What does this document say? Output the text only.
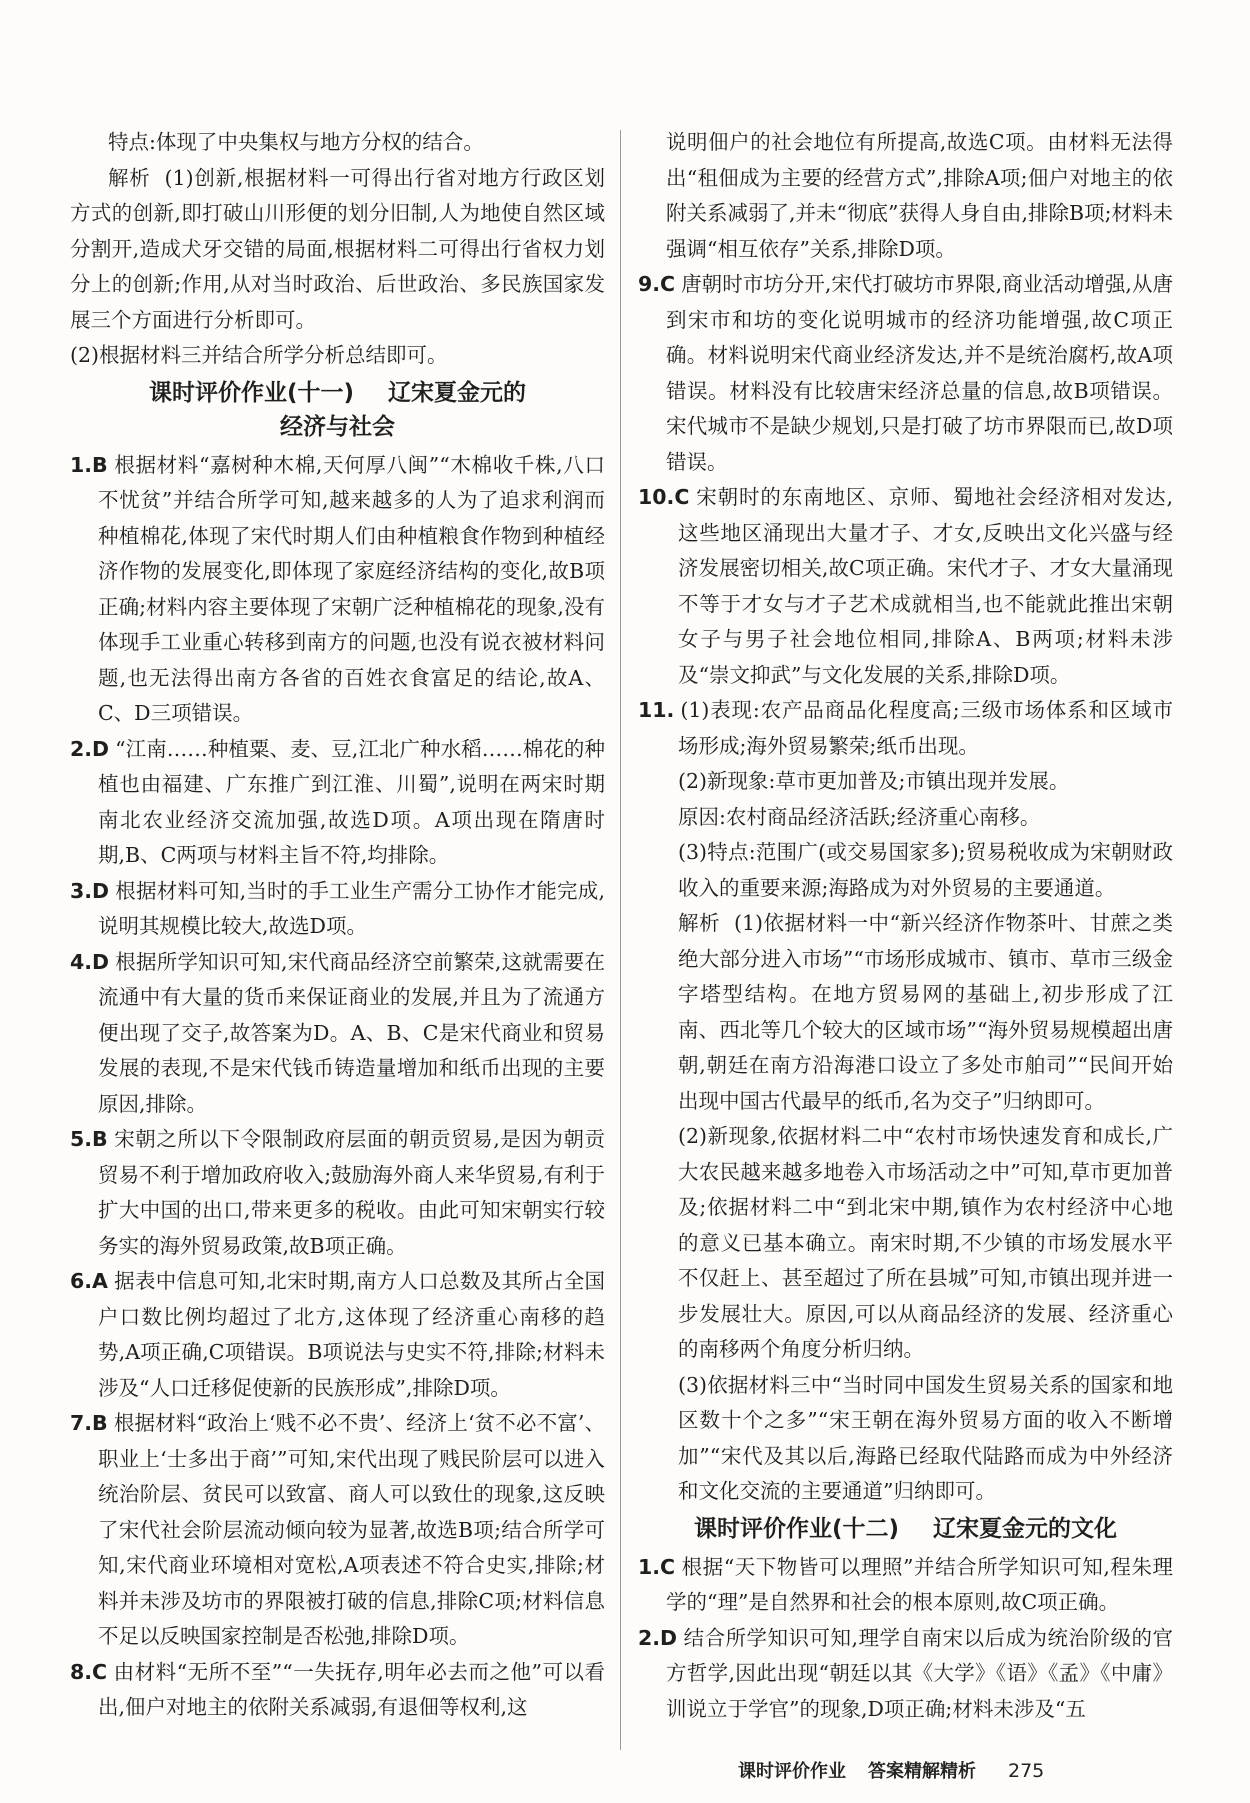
特点:体现了中央集权与地方分权的结合。

解析 (1)创新,根据材料一可得出行省对地方行政区划方式的创新,即打破山川形便的划分旧制,人为地使自然区域分割开,造成犬牙交错的局面,根据材料二可得出行省权力划分上的创新;作用,从对当时政治、后世政治、多民族国家发展三个方面进行分析即可。

(2)根据材料三并结合所学分析总结即可。

课时评价作业(十一) 辽宋夏金元的
经济与社会

1.B 根据材料“嘉树种木棉,天何厚八闽”“木棉收千株,八口不忧贫”并结合所学可知,越来越多的人为了追求利润而种植棉花,体现了宋代时期人们由种植粮食作物到种植经济作物的发展变化,即体现了家庭经济结构的变化,故B项正确;材料内容主要体现了宋朝广泛种植棉花的现象,没有体现手工业重心转移到南方的问题,也没有说衣被材料问题,也无法得出南方各省的百姓衣食富足的结论,故A、C、D三项错误。

2.D “江南……种植粟、麦、豆,江北广种水稻……棉花的种植也由福建、广东推广到江淮、川蜀”,说明在两宋时期南北农业经济交流加强,故选D项。A项出现在隋唐时期,B、C两项与材料主旨不符,均排除。

3.D 根据材料可知,当时的手工业生产需分工协作才能完成,说明其规模比较大,故选D项。

4.D 根据所学知识可知,宋代商品经济空前繁荣,这就需要在流通中有大量的货币来保证商业的发展,并且为了流通方便出现了交子,故答案为D。A、B、C是宋代商业和贸易发展的表现,不是宋代钱币铸造量增加和纸币出现的主要原因,排除。

5.B 宋朝之所以下令限制政府层面的朝贡贸易,是因为朝贡贸易不利于增加政府收入;鼓励海外商人来华贸易,有利于扩大中国的出口,带来更多的税收。由此可知宋朝实行较务实的海外贸易政策,故B项正确。

6.A 据表中信息可知,北宋时期,南方人口总数及其所占全国户口数比例均超过了北方,这体现了经济重心南移的趋势,A项正确,C项错误。B项说法与史实不符,排除;材料未涉及“人口迁移促使新的民族形成”,排除D项。

7.B 根据材料“政治上‘贱不必不贵’、经济上‘贫不必不富’、职业上‘士多出于商’”可知,宋代出现了贱民阶层可以进入统治阶层、贫民可以致富、商人可以致仕的现象,这反映了宋代社会阶层流动倾向较为显著,故选B项;结合所学可知,宋代商业环境相对宽松,A项表述不符合史实,排除;材料并未涉及坊市的界限被打破的信息,排除C项;材料信息不足以反映国家控制是否松弛,排除D项。

8.C 由材料“无所不至”“一失抚存,明年必去而之他”可以看出,佃户对地主的依附关系减弱,有退佃等权利,这

说明佃户的社会地位有所提高,故选C项。由材料无法得出“租佃成为主要的经营方式”,排除A项;佃户对地主的依附关系减弱了,并未“彻底”获得人身自由,排除B项;材料未强调“相互依存”关系,排除D项。

9.C 唐朝时市坊分开,宋代打破坊市界限,商业活动增强,从唐到宋市和坊的变化说明城市的经济功能增强,故C项正确。材料说明宋代商业经济发达,并不是统治腐朽,故A项错误。材料没有比较唐宋经济总量的信息,故B项错误。宋代城市不是缺少规划,只是打破了坊市界限而已,故D项错误。

10.C 宋朝时的东南地区、京师、蜀地社会经济相对发达,这些地区涌现出大量才子、才女,反映出文化兴盛与经济发展密切相关,故C项正确。宋代才子、才女大量涌现不等于才女与才子艺术成就相当,也不能就此推出宋朝女子与男子社会地位相同,排除A、B两项;材料未涉及“崇文抑武”与文化发展的关系,排除D项。

11. (1)表现:农产品商品化程度高;三级市场体系和区域市场形成;海外贸易繁荣;纸币出现。

(2)新现象:草市更加普及;市镇出现并发展。

原因:农村商品经济活跃;经济重心南移。

(3)特点:范围广(或交易国家多);贸易税收成为宋朝财政收入的重要来源;海路成为对外贸易的主要通道。

解析 (1)依据材料一中“新兴经济作物茶叶、甘蔗之类绝大部分进入市场”“市场形成城市、镇市、草市三级金字塔型结构。在地方贸易网的基础上,初步形成了江南、西北等几个较大的区域市场”“海外贸易规模超出唐朝,朝廷在南方沿海港口设立了多处市舶司”“民间开始出现中国古代最早的纸币,名为交子”归纳即可。

(2)新现象,依据材料二中“农村市场快速发育和成长,广大农民越来越多地卷入市场活动之中”可知,草市更加普及;依据材料二中“到北宋中期,镇作为农村经济中心地的意义已基本确立。南宋时期,不少镇的市场发展水平不仅赶上、甚至超过了所在县城”可知,市镇出现并进一步发展壮大。原因,可以从商品经济的发展、经济重心的南移两个角度分析归纳。

(3)依据材料三中“当时同中国发生贸易关系的国家和地区数十个之多”“宋王朝在海外贸易方面的收入不断增加”“宋代及其以后,海路已经取代陆路而成为中外经济和文化交流的主要通道”归纳即可。

课时评价作业(十二) 辽宋夏金元的文化

1.C 根据“天下物皆可以理照”并结合所学知识可知,程朱理学的“理”是自然界和社会的根本原则,故C项正确。

2.D 结合所学知识可知,理学自南宋以后成为统治阶级的官方哲学,因此出现“朝廷以其《大学》《语》《孟》《中庸》训说立于学官”的现象,D项正确;材料未涉及“五

课时评价作业 答案精解精析 275
